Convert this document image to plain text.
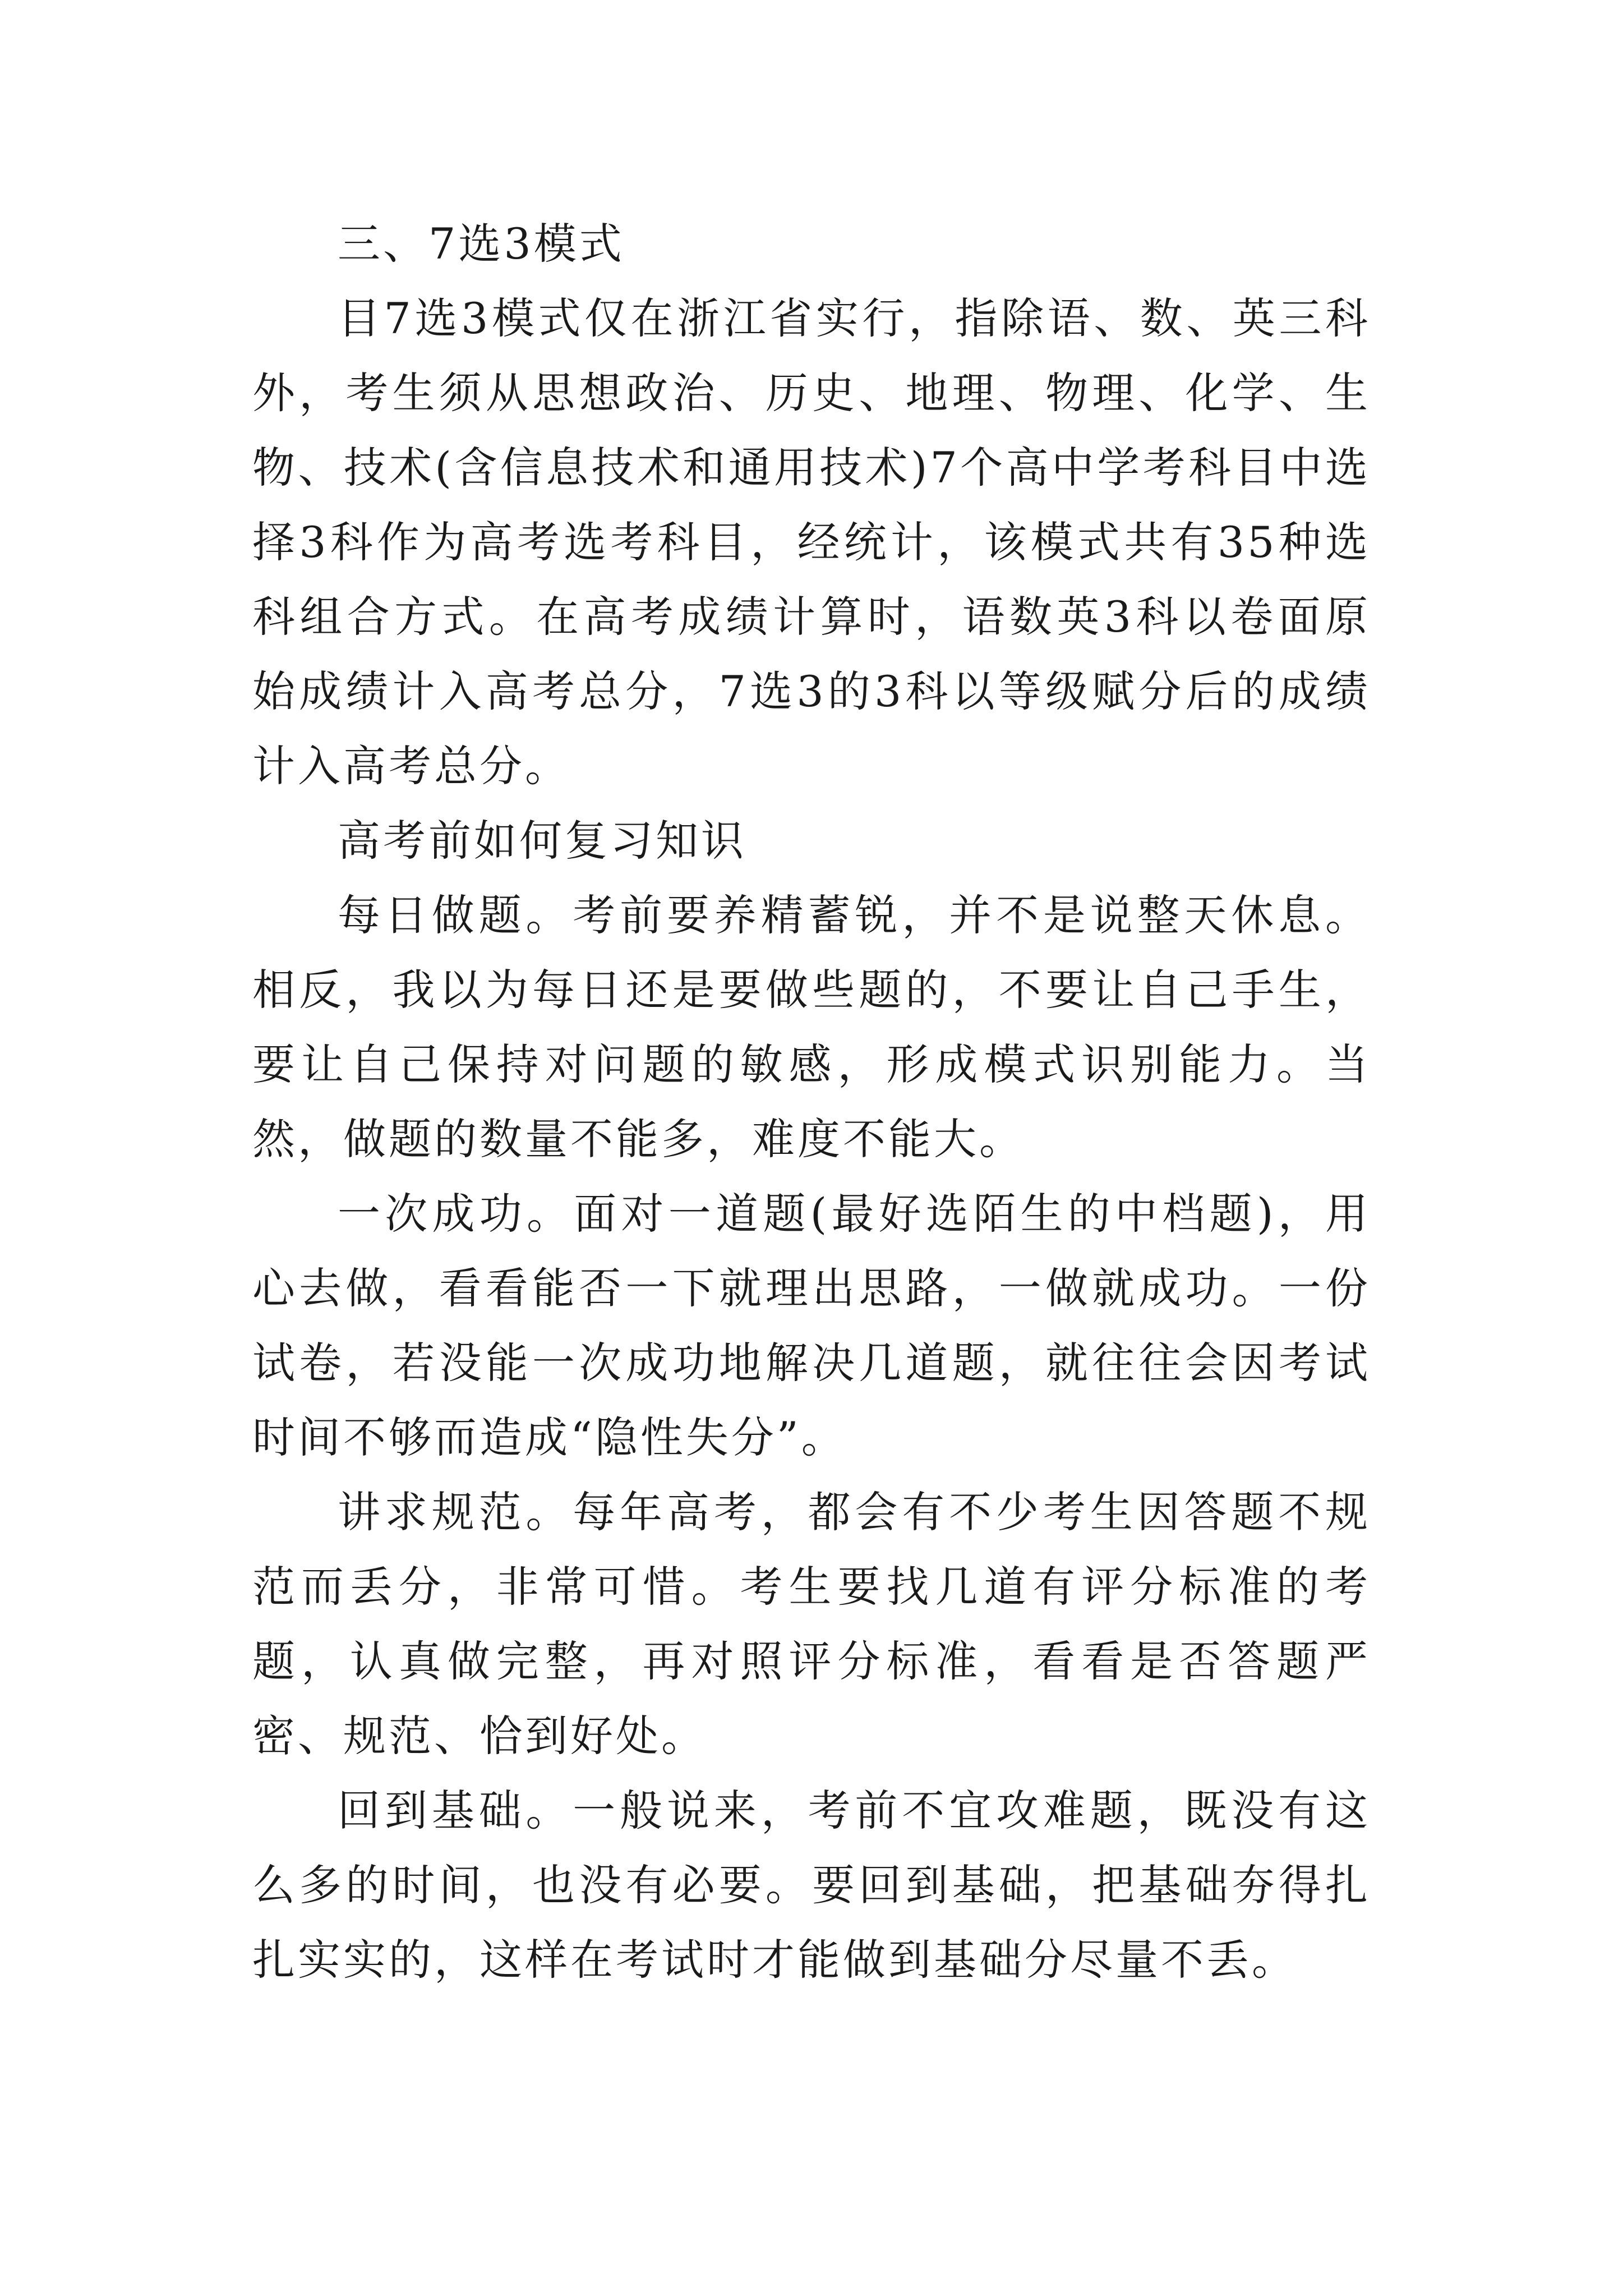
三、7选3模式

目7选3模式仅在浙江省实行，指除语、数、英三科外，考生须从思想政治、历史、地理、物理、化学、生物、技术(含信息技术和通用技术)7个高中学考科目中选择3科作为高考选考科目，经统计，该模式共有35种选科组合方式。在高考成绩计算时，语数英3科以卷面原始成绩计入高考总分，7选3的3科以等级赋分后的成绩计入高考总分。

高考前如何复习知识

每日做题。考前要养精蓄锐，并不是说整天休息。相反，我以为每日还是要做些题的，不要让自己手生，要让自己保持对问题的敏感，形成模式识别能力。当然，做题的数量不能多，难度不能大。

一次成功。面对一道题(最好选陌生的中档题)，用心去做，看看能否一下就理出思路，一做就成功。一份试卷，若没能一次成功地解决几道题，就往往会因考试时间不够而造成“隐性失分”。

讲求规范。每年高考，都会有不少考生因答题不规范而丢分，非常可惜。考生要找几道有评分标准的考题，认真做完整，再对照评分标准，看看是否答题严密、规范、恰到好处。

回到基础。一般说来，考前不宜攻难题，既没有这么多的时间，也没有必要。要回到基础，把基础夯得扎扎实实的，这样在考试时才能做到基础分尽量不丢。
